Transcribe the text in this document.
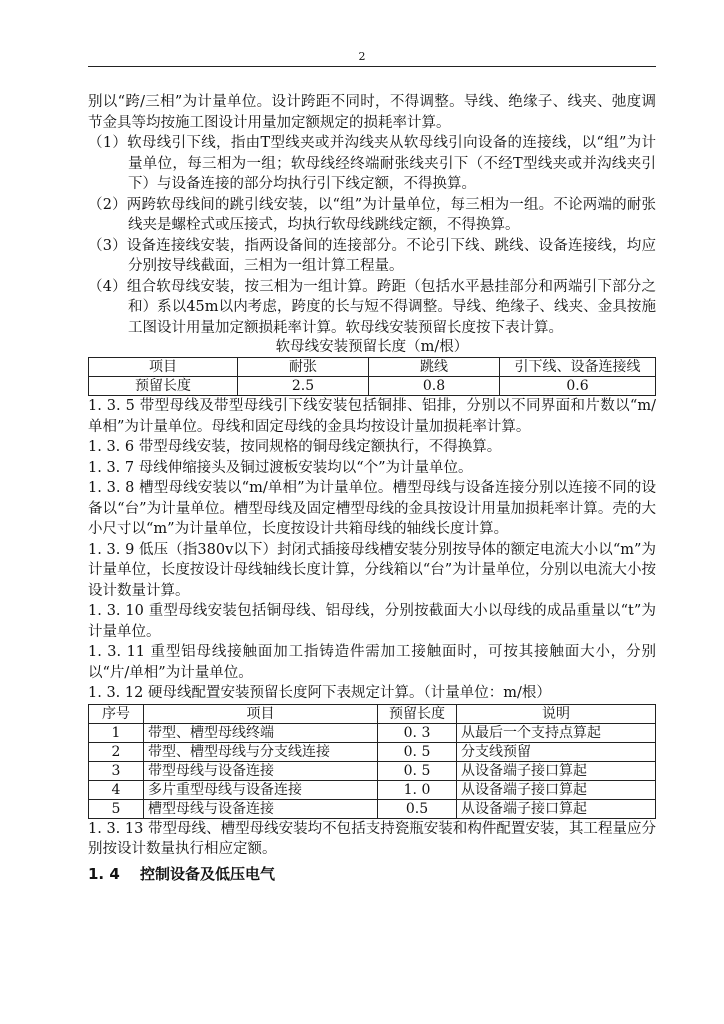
2

别以“跨/三相”为计量单位。设计跨距不同时，不得调整。导线、绝缘子、线夹、弛度调节金具等均按施工图设计用量加定额规定的损耗率计算。

（1）软母线引下线，指由T型线夹或并沟线夹从软母线引向设备的连接线，以“组”为计量单位，每三相为一组；软母线经终端耐张线夹引下（不经T型线夹或并沟线夹引下）与设备连接的部分均执行引下线定额，不得换算。

（2）两跨软母线间的跳引线安装，以“组”为计量单位，每三相为一组。不论两端的耐张线夹是螺栓式或压接式，均执行软母线跳线定额，不得换算。

（3）设备连接线安装，指两设备间的连接部分。不论引下线、跳线、设备连接线，均应分别按导线截面，三相为一组计算工程量。

（4）组合软母线安装，按三相为一组计算。跨距（包括水平悬挂部分和两端引下部分之和）系以45m以内考虑，跨度的长与短不得调整。导线、绝缘子、线夹、金具按施工图设计用量加定额损耗率计算。软母线安装预留长度按下表计算。

软母线安装预留长度（m/根）

项目	耐张	跳线	引下线、设备连接线
预留长度	2.5	0.8	0.6

1. 3. 5 带型母线及带型母线引下线安装包括铜排、铝排，分别以不同界面和片数以“m/单相”为计量单位。母线和固定母线的金具均按设计量加损耗率计算。

1. 3. 6 带型母线安装，按同规格的铜母线定额执行，不得换算。

1. 3. 7 母线伸缩接头及铜过渡板安装均以“个”为计量单位。

1. 3. 8 槽型母线安装以“m/单相”为计量单位。槽型母线与设备连接分别以连接不同的设备以“台”为计量单位。槽型母线及固定槽型母线的金具按设计用量加损耗率计算。壳的大小尺寸以“m”为计量单位，长度按设计共箱母线的轴线长度计算。

1. 3. 9 低压（指380v以下）封闭式插接母线槽安装分别按导体的额定电流大小以“m”为计量单位，长度按设计母线轴线长度计算，分线箱以“台”为计量单位，分别以电流大小按设计数量计算。

1. 3. 10 重型母线安装包括铜母线、铝母线，分别按截面大小以母线的成品重量以“t”为计量单位。

1. 3. 11 重型铝母线接触面加工指铸造件需加工接触面时，可按其接触面大小，分别以“片/单相”为计量单位。

1. 3. 12 硬母线配置安装预留长度阿下表规定计算。（计量单位：m/根）

序号	项目	预留长度	说明
1	带型、槽型母线终端	0. 3	从最后一个支持点算起
2	带型、槽型母线与分支线连接	0. 5	分支线预留
3	带型母线与设备连接	0. 5	从设备端子接口算起
4	多片重型母线与设备连接	1. 0	从设备端子接口算起
5	槽型母线与设备连接	0.5	从设备端子接口算起

1. 3. 13 带型母线、槽型母线安装均不包括支持瓷瓶安装和构件配置安装，其工程量应分别按设计数量执行相应定额。

1. 4 控制设备及低压电气
